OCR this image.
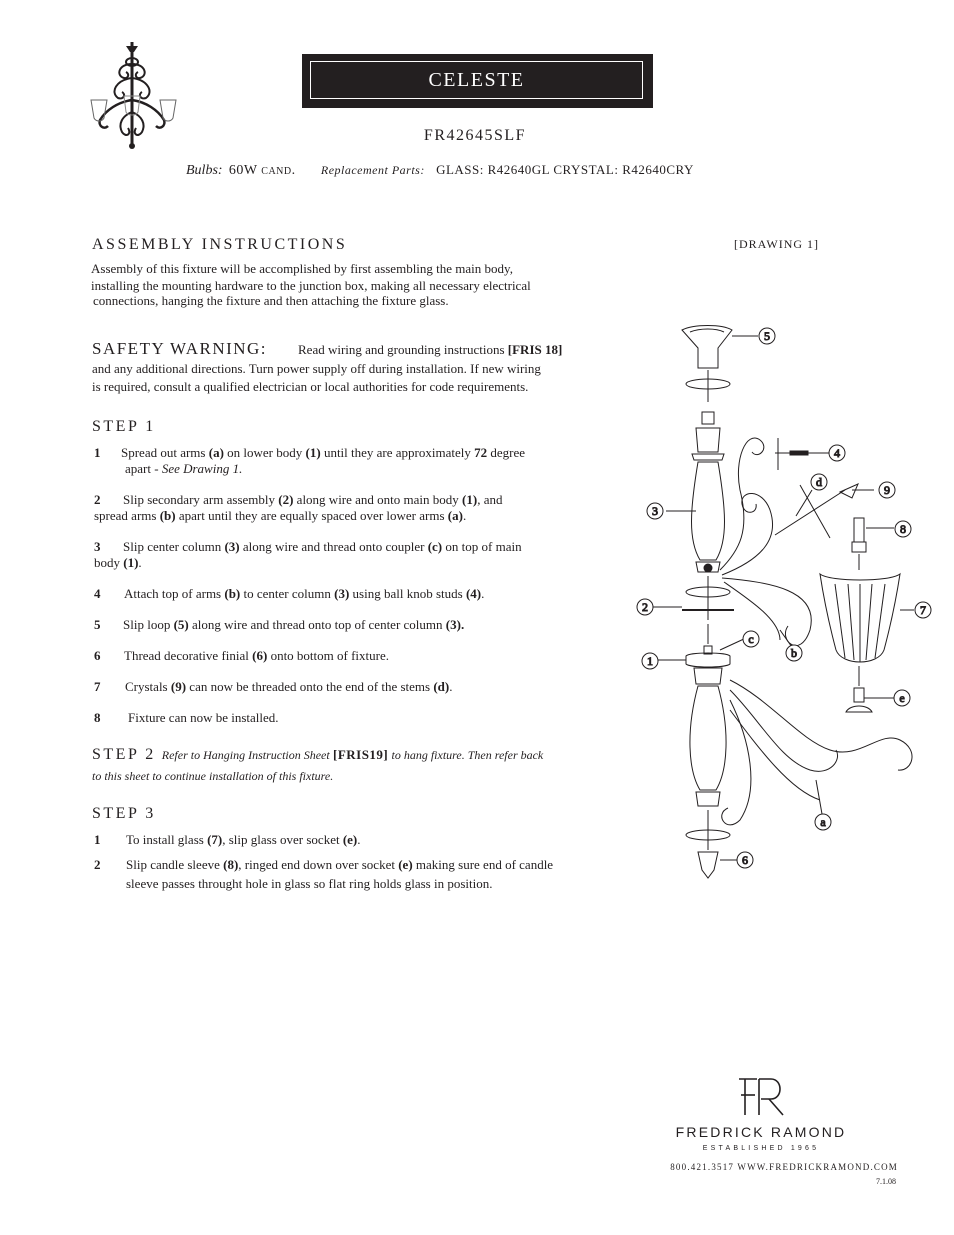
CELESTE
FR42645SLF
Bulbs: 60W cand. Replacement Parts: GLASS: R42640GL CRYSTAL: R42640CRY
ASSEMBLY INSTRUCTIONS
Assembly of this fixture will be accomplished by first assembling the main body,
installing the mounting hardware to the junction box, making all necessary electrical
connections, hanging the fixture and then attaching the fixture glass.
SAFETY WARNING: Read wiring and grounding instructions [FRIS 18]
and any additional directions. Turn power supply off during installation. If new wiring
is required, consult a qualified electrician or local authorities for code requirements.
STEP 1
1 Spread out arms (a) on lower body (1) until they are approximately 72 degree
apart - See Drawing 1.
2 Slip secondary arm assembly (2) along wire and onto main body (1), and
spread arms (b) apart until they are equally spaced over lower arms (a).
3 Slip center column (3) along wire and thread onto coupler (c) on top of main
body (1).
4 Attach top of arms (b) to center column (3) using ball knob studs (4).
5 Slip loop (5) along wire and thread onto top of center column (3).
6 Thread decorative finial (6) onto bottom of fixture.
7 Crystals (9) can now be threaded onto the end of the stems (d).
8 Fixture can now be installed.
STEP 2 Refer to Hanging Instruction Sheet [FRIS19] to hang fixture. Then refer back
to this sheet to continue installation of this fixture.
STEP 3
1 To install glass (7), slip glass over socket (e).
2 Slip candle sleeve (8), ringed end down over socket (e) making sure end of candle
sleeve passes throught hole in glass so flat ring holds glass in position.
[DRAWING 1]
5
4
9
3
8
2	7
1
e
6
d
c
b
a
FREDRICK RAMOND
ESTABLISHED 1965
800.421.3517 WWW.FREDRICKRAMOND.COM
7.1.08
